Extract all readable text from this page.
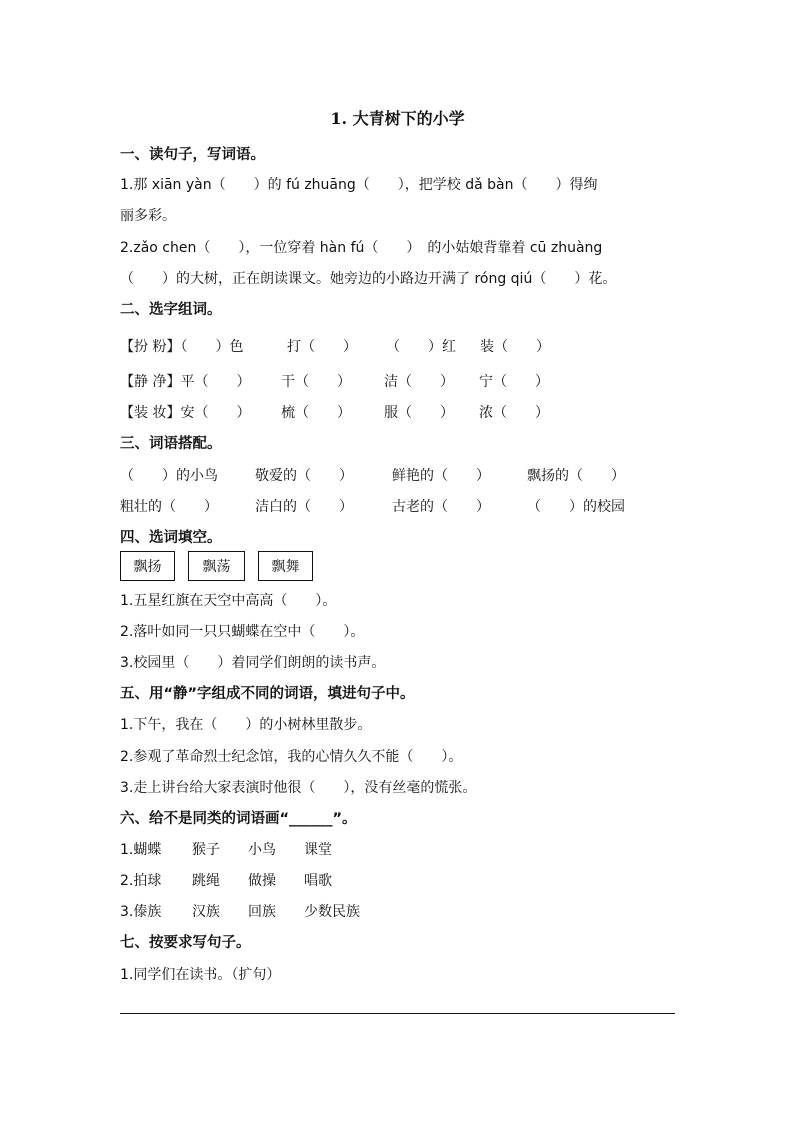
1. 大青树下的小学
一、读句子，写词语。
1.那 xiān yàn（　　）的 fú zhuāng（　　），把学校 dǎ bàn（　　）得绚
丽多彩。
2.zǎo chen（　　），一位穿着 hàn fú（　　）　的小姑娘背靠着 cū zhuàng
（　　）的大树，正在朗读课文。她旁边的小路边开满了 róng qiú（　　）花。
二、选字组词。
【扮 粉】（　　）色	打（　　） （　　）红 装（　　）
【静 净】平（　　） 干（　　） 洁（　　） 宁（　　）
【装 妆】安（　　） 梳（　　） 服（　　） 浓（　　）
三、词语搭配。
（　　）的小鸟	敬爱的（　　）	鲜艳的（　　）	飘扬的（　　）
粗壮的（　　）	洁白的（　　）	古老的（　　）	（　　）的校园
四、选词填空。
飘扬	飘荡	飘舞
1.五星红旗在天空中高高（　　）。
2.落叶如同一只只蝴蝶在空中（　　）。
3.校园里（　　）着同学们朗朗的读书声。
五、用“静”字组成不同的词语，填进句子中。
1.下午，我在（　　）的小树林里散步。
2.参观了革命烈士纪念馆，我的心情久久不能（　　）。
3.走上讲台给大家表演时他很（　　），没有丝毫的慌张。
六、给不是同类的词语画“______”。
1.蝴蝶 猴子 小鸟 课堂
2.拍球 跳绳 做操 唱歌
3.傣族 汉族 回族 少数民族
七、按要求写句子。
1.同学们在读书。（扩句）
